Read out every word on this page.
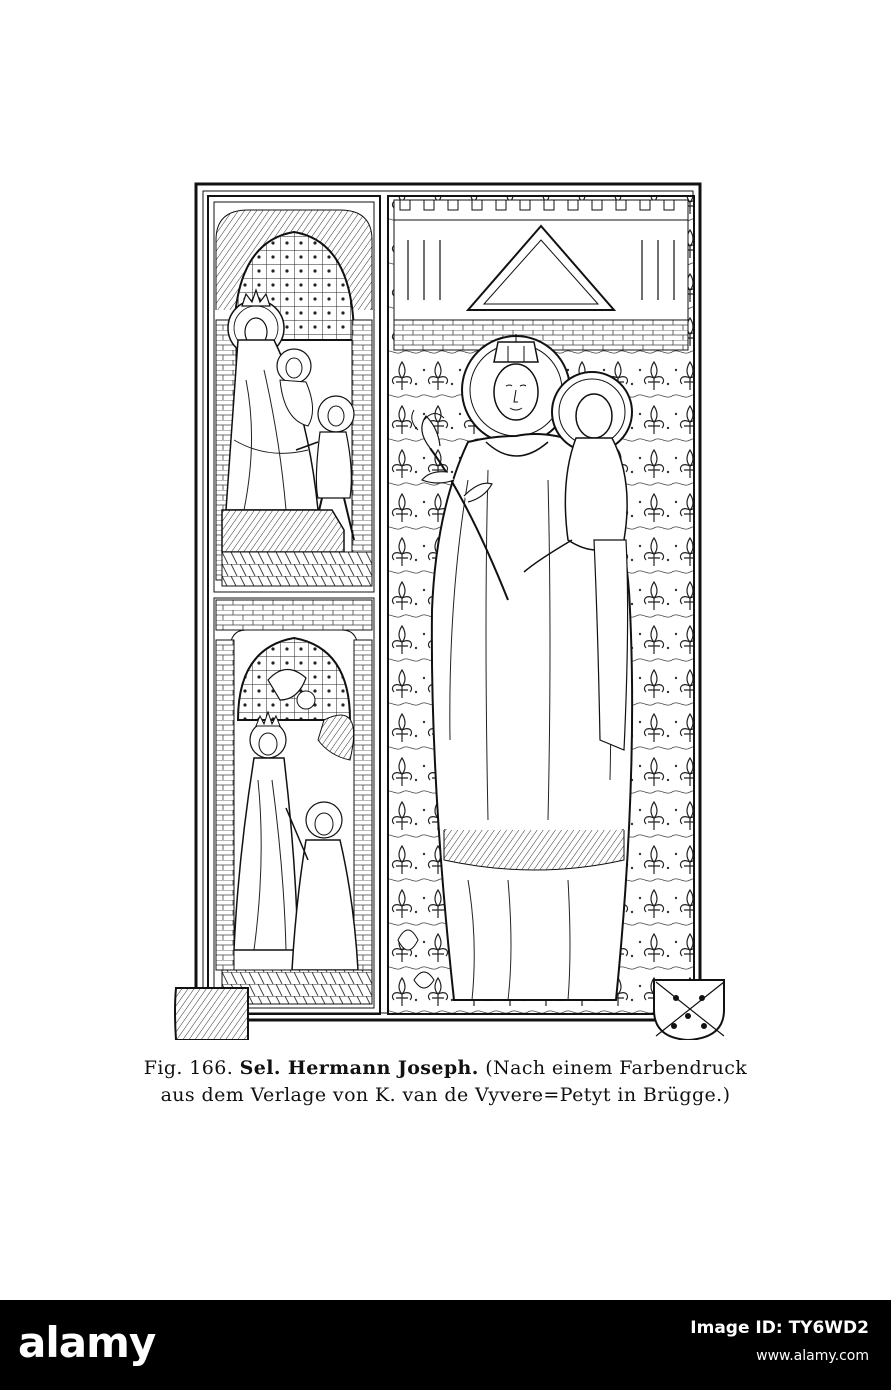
Fig. 166. Sel. Hermann Joseph. (Nach einem Farbendruck
aus dem Verlage von K. van de Vyvere=Petyt in Brügge.)
alamy	Image ID: TY6WD2
www.alamy.com
